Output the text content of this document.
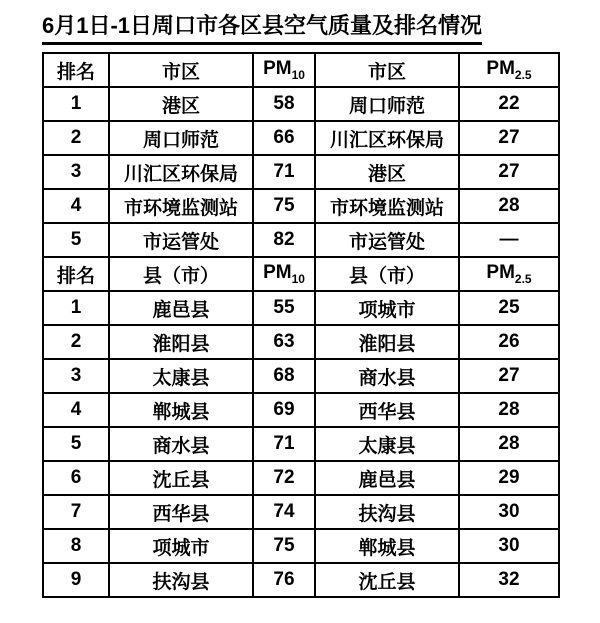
6月1日-1日周口市各区县空气质量及排名情况
排名	市区	$PM_{10}$	市区	$PM_{2.5}$
1	港区	58	周口师范	22
2	周口师范	66	川汇区环保局	27
3	川汇区环保局	71	港区	27
4	市环境监测站	75	市环境监测站	28
5	市运管处	82	市运管处	—
排名	县（市）	$PM_{10}$	县（市）	$PM_{2.5}$
1	鹿邑县	55	项城市	25
2	淮阳县	63	淮阳县	26
3	太康县	68	商水县	27
4	郸城县	69	西华县	28
5	商水县	71	太康县	28
6	沈丘县	72	鹿邑县	29
7	西华县	74	扶沟县	30
8	项城市	75	郸城县	30
9	扶沟县	76	沈丘县	32
